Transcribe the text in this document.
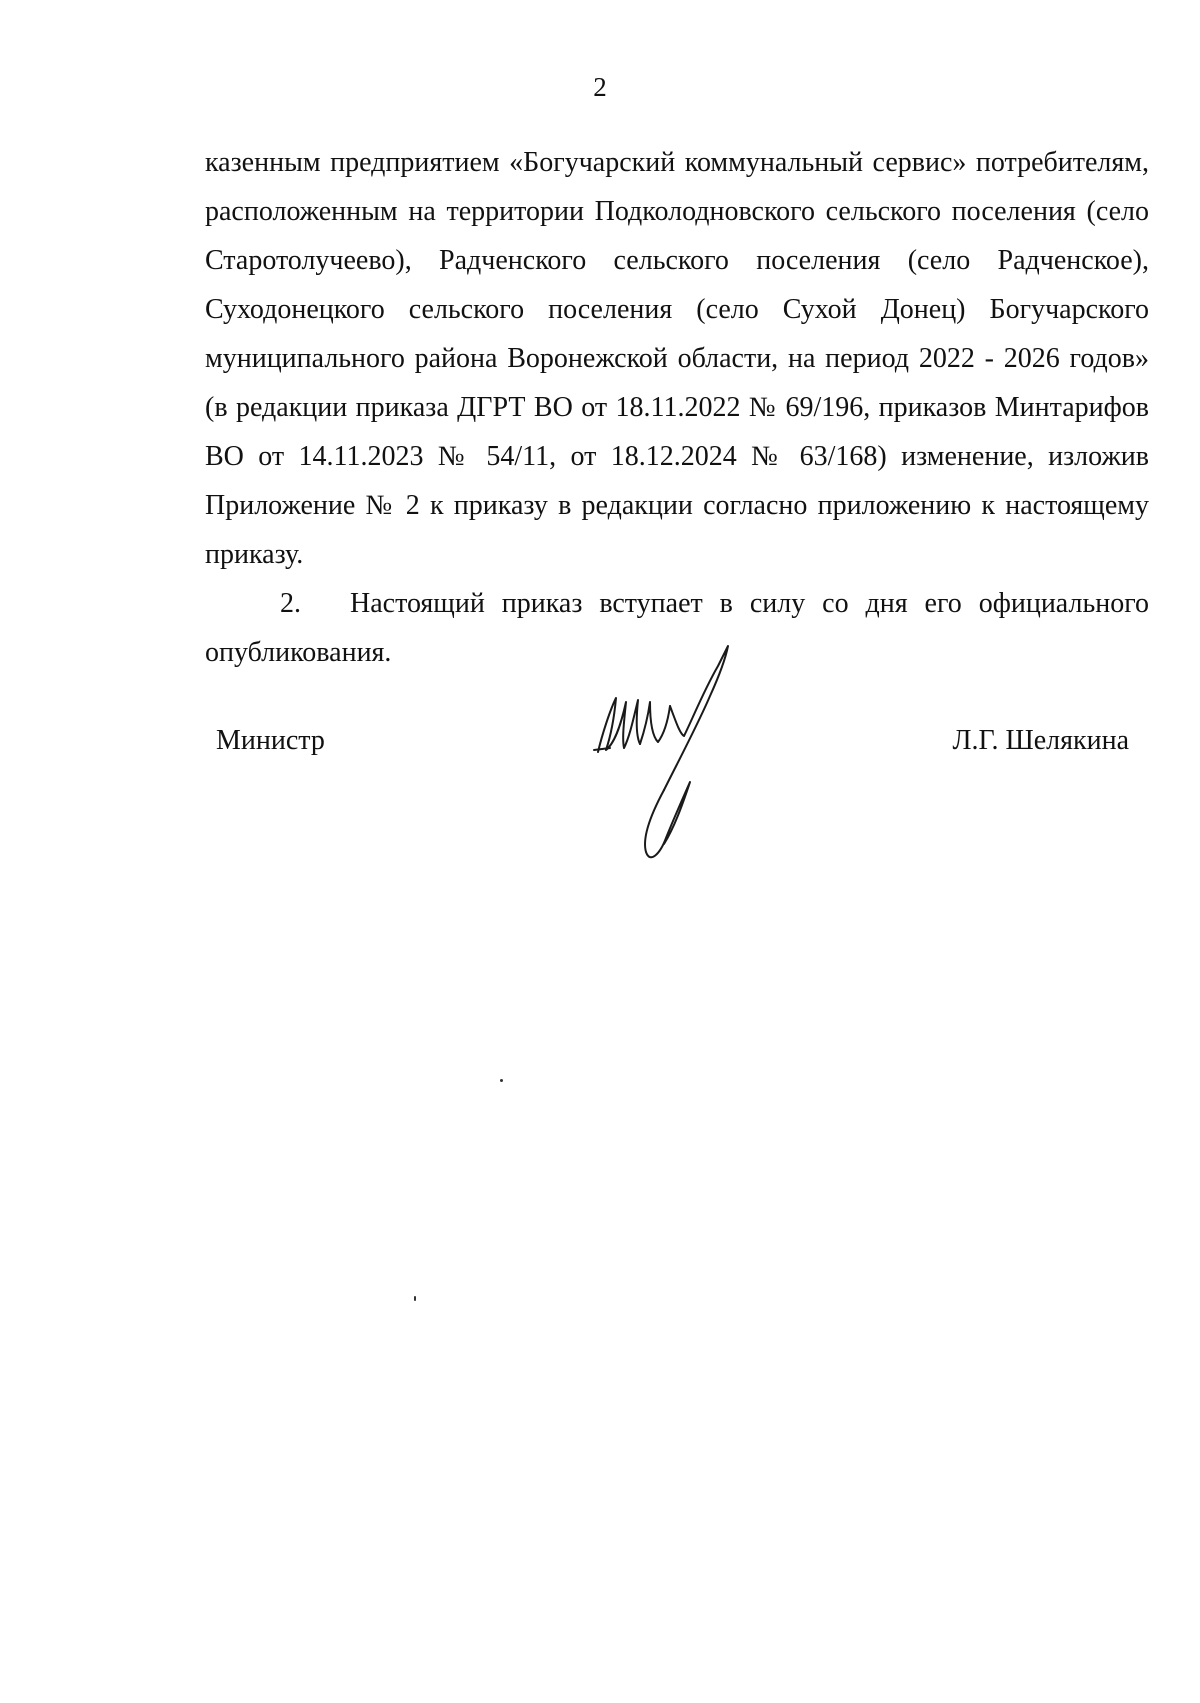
2

казенным предприятием «Богучарский коммунальный сервис» потребителям, расположенным на территории Подколодновского сельского поселения (село Старотолучеево), Радченского сельского поселения (село Радченское), Суходонецкого сельского поселения (село Сухой Донец) Богучарского муниципального района Воронежской области, на период 2022 - 2026 годов» (в редакции приказа ДГРТ ВО от 18.11.2022 № 69/196, приказов Минтарифов ВО от 14.11.2023 № 54/11, от 18.12.2024 № 63/168) изменение, изложив Приложение № 2 к приказу в редакции согласно приложению к настоящему приказу.

2. Настоящий приказ вступает в силу со дня его официального опубликования.

Министр	Л.Г. Шелякина
